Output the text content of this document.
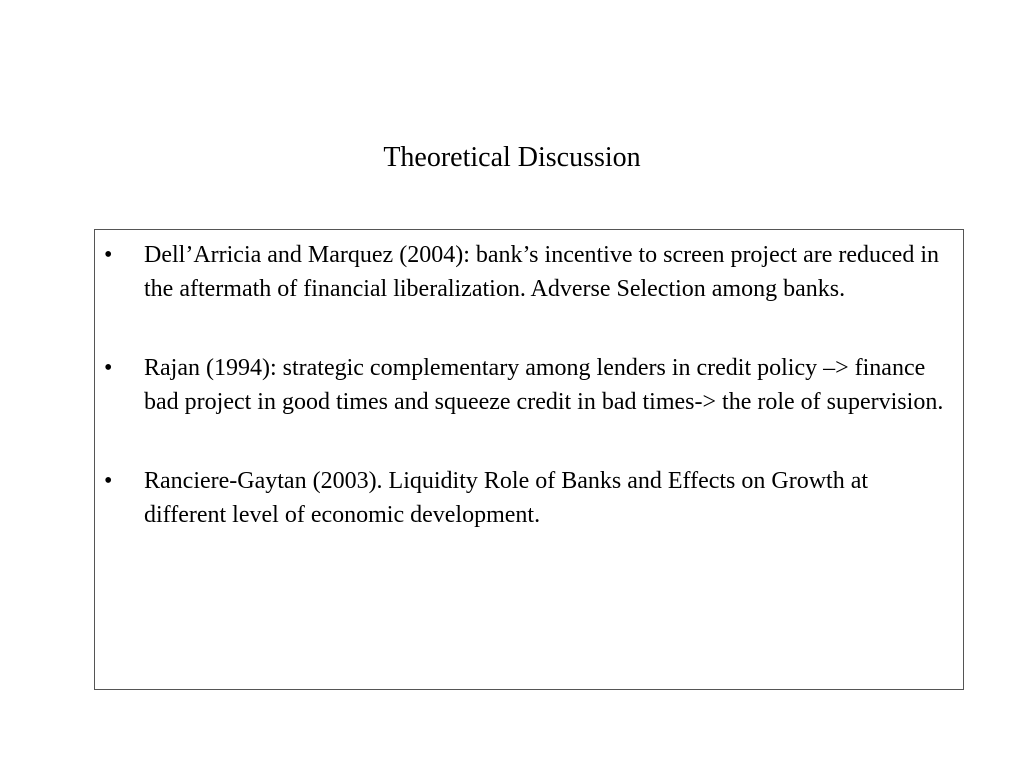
Theoretical Discussion
• Dell’Arricia and Marquez (2004): bank’s incentive to screen project are reduced in the aftermath of financial liberalization. Adverse Selection among banks.
• Rajan (1994): strategic complementary among lenders in credit policy –> finance bad project in good times and squeeze credit in bad times-> the role of supervision.
• Ranciere-Gaytan (2003). Liquidity Role of Banks and Effects on Growth at different level of economic development.
